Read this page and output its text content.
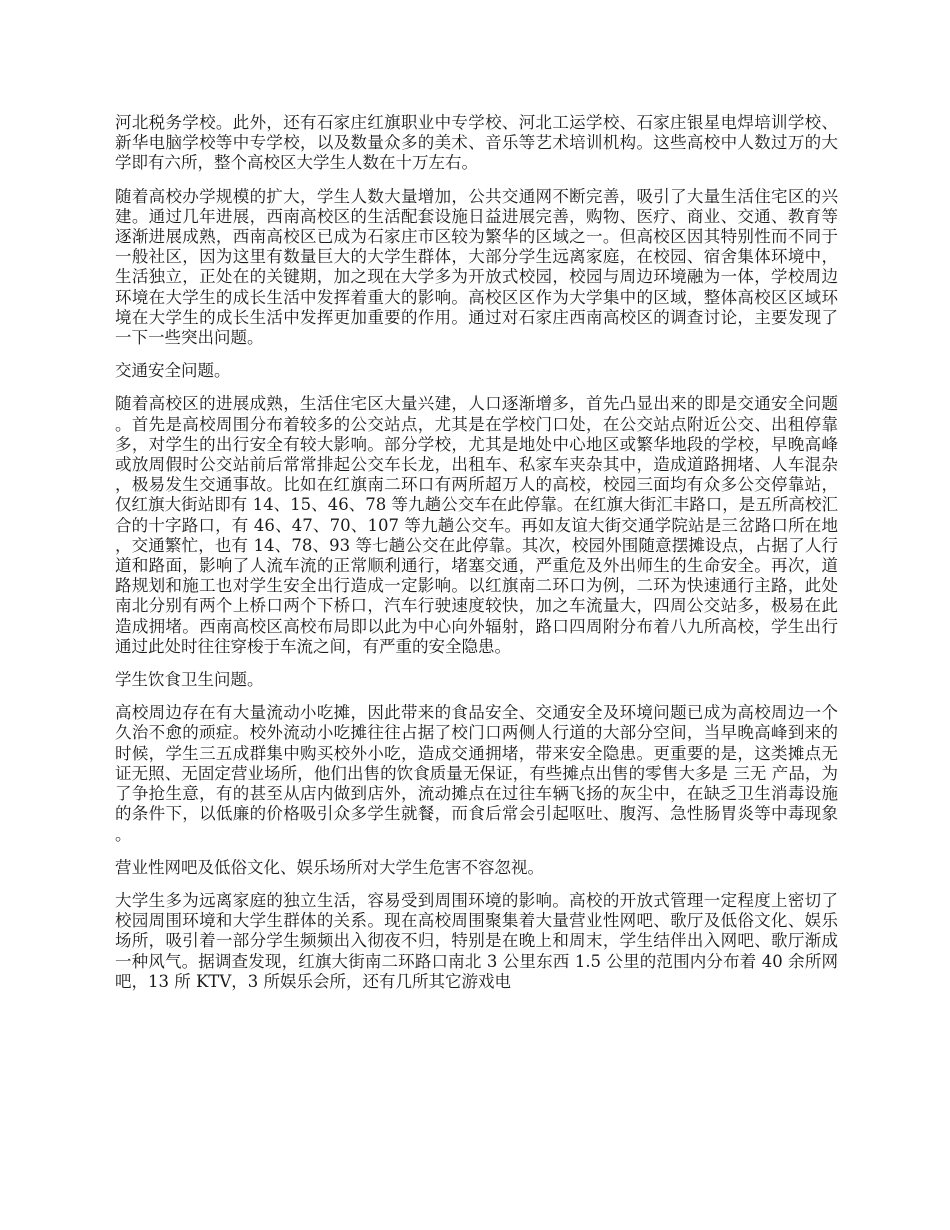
河北税务学校。此外，还有石家庄红旗职业中专学校、河北工运学校、石家庄银星电焊培训学校、新华电脑学校等中专学校，以及数量众多的美术、音乐等艺术培训机构。这些高校中人数过万的大学即有六所，整个高校区大学生人数在十万左右。

随着高校办学规模的扩大，学生人数大量增加，公共交通网不断完善，吸引了大量生活住宅区的兴建。通过几年进展，西南高校区的生活配套设施日益进展完善，购物、医疗、商业、交通、教育等逐渐进展成熟，西南高校区已成为石家庄市区较为繁华的区域之一。但高校区因其特别性而不同于一般社区，因为这里有数量巨大的大学生群体，大部分学生远离家庭，在校园、宿舍集体环境中，生活独立，正处在的关键期，加之现在大学多为开放式校园，校园与周边环境融为一体，学校周边环境在大学生的成长生活中发挥着重大的影响。高校区区作为大学集中的区域，整体高校区区域环境在大学生的成长生活中发挥更加重要的作用。通过对石家庄西南高校区的调查讨论，主要发现了一下一些突出问题。

交通安全问题。

随着高校区的进展成熟，生活住宅区大量兴建，人口逐渐增多，首先凸显出来的即是交通安全问题。首先是高校周围分布着较多的公交站点，尤其是在学校门口处，在公交站点附近公交、出租停靠多，对学生的出行安全有较大影响。部分学校，尤其是地处中心地区或繁华地段的学校，早晚高峰或放周假时公交站前后常常排起公交车长龙，出租车、私家车夹杂其中，造成道路拥堵、人车混杂，极易发生交通事故。比如在红旗南二环口有两所超万人的高校，校园三面均有众多公交停靠站，仅红旗大街站即有 14、15、46、78 等九趟公交车在此停靠。在红旗大街汇丰路口，是五所高校汇合的十字路口，有 46、47、70、107 等九趟公交车。再如友谊大街交通学院站是三岔路口所在地，交通繁忙，也有 14、78、93 等七趟公交在此停靠。其次，校园外围随意摆摊设点，占据了人行道和路面，影响了人流车流的正常顺利通行，堵塞交通，严重危及外出师生的生命安全。再次，道路规划和施工也对学生安全出行造成一定影响。以红旗南二环口为例，二环为快速通行主路，此处南北分别有两个上桥口两个下桥口，汽车行驶速度较快，加之车流量大，四周公交站多，极易在此造成拥堵。西南高校区高校布局即以此为中心向外辐射，路口四周附分布着八九所高校，学生出行通过此处时往往穿梭于车流之间，有严重的安全隐患。

学生饮食卫生问题。

高校周边存在有大量流动小吃摊，因此带来的食品安全、交通安全及环境问题已成为高校周边一个久治不愈的顽症。校外流动小吃摊往往占据了校门口两侧人行道的大部分空间，当早晚高峰到来的时候，学生三五成群集中购买校外小吃，造成交通拥堵，带来安全隐患。更重要的是，这类摊点无证无照、无固定营业场所，他们出售的饮食质量无保证，有些摊点出售的零售大多是 三无 产品，为了争抢生意，有的甚至从店内做到店外，流动摊点在过往车辆飞扬的灰尘中，在缺乏卫生消毒设施的条件下，以低廉的价格吸引众多学生就餐，而食后常会引起呕吐、腹泻、急性肠胃炎等中毒现象。

营业性网吧及低俗文化、娱乐场所对大学生危害不容忽视。

大学生多为远离家庭的独立生活，容易受到周围环境的影响。高校的开放式管理一定程度上密切了校园周围环境和大学生群体的关系。现在高校周围聚集着大量营业性网吧、歌厅及低俗文化、娱乐场所，吸引着一部分学生频频出入彻夜不归，特别是在晚上和周末，学生结伴出入网吧、歌厅渐成一种风气。据调查发现，红旗大街南二环路口南北 3 公里东西 1.5 公里的范围内分布着 40 余所网吧，13 所 KTV，3 所娱乐会所，还有几所其它游戏电
